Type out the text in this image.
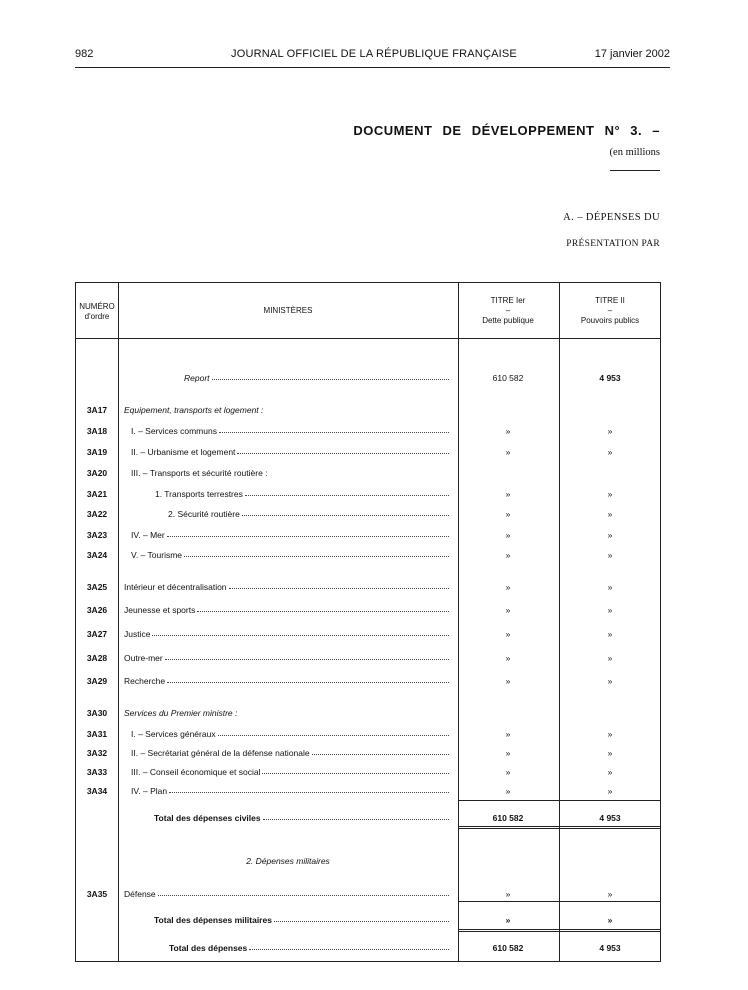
982	JOURNAL OFFICIEL DE LA RÉPUBLIQUE FRANÇAISE	17 janvier 2002
DOCUMENT DE DÉVELOPPEMENT N° 3. –
(en millions
A. – DÉPENSES DU
PRÉSENTATION PAR
NUMÉRO
d'ordre
MINISTÈRES
TITRE Ier
–
Dette publique
TITRE II
–
Pouvoirs publics
Report	610 582	4 953
3A17	Equipement, transports et logement :
3A18	I. – Services communs	»	»
3A19	II. – Urbanisme et logement	»	»
3A20	III. – Transports et sécurité routière :
3A21	1. Transports terrestres	»	»
3A22	2. Sécurité routière	»	»
3A23	IV. – Mer	»	»
3A24	V. – Tourisme	»	»
3A25	Intérieur et décentralisation	»	»
3A26	Jeunesse et sports	»	»
3A27	Justice	»	»
3A28	Outre-mer	»	»
3A29	Recherche	»	»
3A30	Services du Premier ministre :
3A31	I. – Services généraux	»	»
3A32	II. – Secrétariat général de la défense nationale	»	»
3A33	III. – Conseil économique et social	»	»
3A34	IV. – Plan	»	»
Total des dépenses civiles	610 582	4 953
2. Dépenses militaires
3A35	Défense	»	»
Total des dépenses militaires	»	»
Total des dépenses	610 582	4 953
